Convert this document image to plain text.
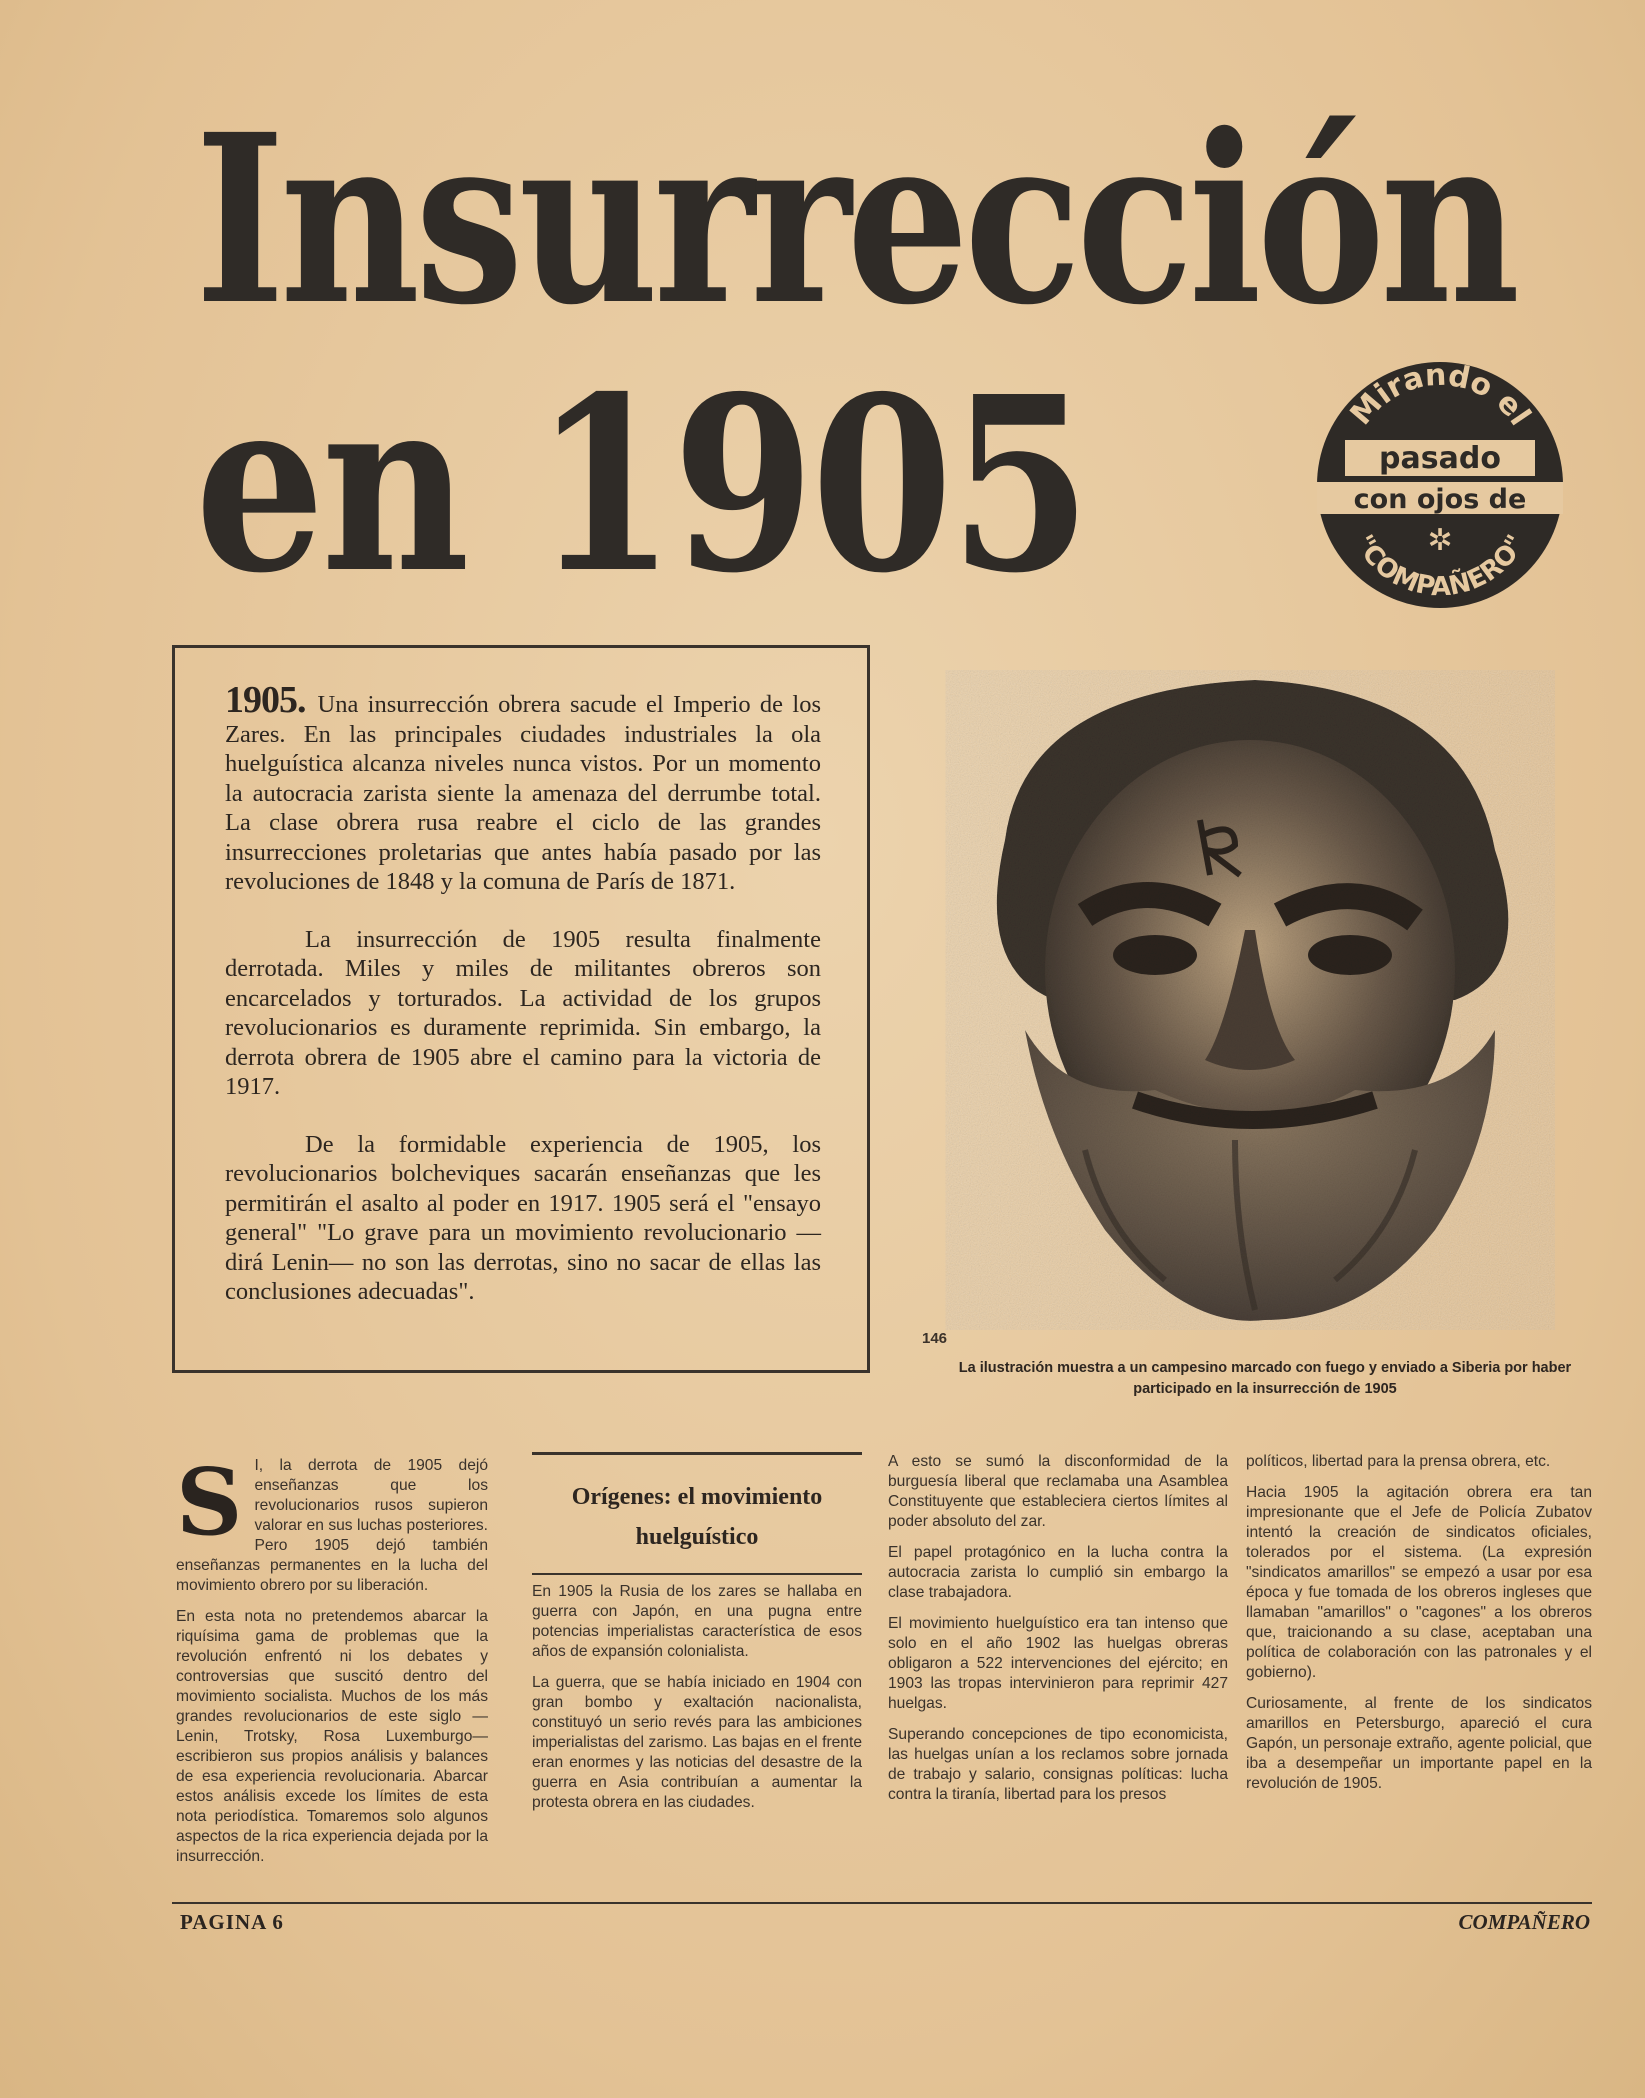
Insurrección
en 1905	Mirando el
pasado
con ojos de
✲
"COMPAÑERO"

1905. Una insurrección obrera sacude el Imperio de los Zares. En las principales ciudades industriales la ola huelguística alcanza niveles nunca vistos. Por un momento la autocracia zarista siente la amenaza del derrumbe total. La clase obrera rusa reabre el ciclo de las grandes insurrecciones proletarias que antes había pasado por las revoluciones de 1848 y la comuna de París de 1871.

La insurrección de 1905 resulta finalmente derrotada. Miles y miles de militantes obreros son encarcelados y torturados. La actividad de los grupos revolucionarios es duramente reprimida. Sin embargo, la derrota obrera de 1905 abre el camino para la victoria de 1917.

De la formidable experiencia de 1905, los revolucionarios bolcheviques sacarán enseñanzas que les permitirán el asalto al poder en 1917. 1905 será el "ensayo general" "Lo grave para un movimiento revolucionario —dirá Lenin— no son las derrotas, sino no sacar de ellas las conclusiones adecuadas".

146
La ilustración muestra a un campesino marcado con fuego y enviado a Siberia por haber participado en la insurrección de 1905

S I, la derrota de 1905 dejó enseñanzas que los revolucionarios rusos supieron valorar en sus luchas posteriores. Pero 1905 dejó también enseñanzas permanentes en la lucha del movimiento obrero por su liberación.

En esta nota no pretendemos abarcar la riquísima gama de problemas que la revolución enfrentó ni los debates y controversias que suscitó dentro del movimiento socialista. Muchos de los más grandes revolucionarios de este siglo —Lenin, Trotsky, Rosa Luxemburgo— escribieron sus propios análisis y balances de esa experiencia revolucionaria. Abarcar estos análisis excede los límites de esta nota periodística. Tomaremos solo algunos aspectos de la rica experiencia dejada por la insurrección.

Orígenes: el movimiento huelguístico

En 1905 la Rusia de los zares se hallaba en guerra con Japón, en una pugna entre potencias imperialistas característica de esos años de expansión colonialista.

La guerra, que se había iniciado en 1904 con gran bombo y exaltación nacionalista, constituyó un serio revés para las ambiciones imperialistas del zarismo. Las bajas en el frente eran enormes y las noticias del desastre de la guerra en Asia contribuían a aumentar la protesta obrera en las ciudades.

A esto se sumó la disconformidad de la burguesía liberal que reclamaba una Asamblea Constituyente que estableciera ciertos límites al poder absoluto del zar.

El papel protagónico en la lucha contra la autocracia zarista lo cumplió sin embargo la clase trabajadora.

El movimiento huelguístico era tan intenso que solo en el año 1902 las huelgas obreras obligaron a 522 intervenciones del ejército; en 1903 las tropas intervinieron para reprimir 427 huelgas.

Superando concepciones de tipo economicista, las huelgas unían a los reclamos sobre jornada de trabajo y salario, consignas políticas: lucha contra la tiranía, libertad para los presos

políticos, libertad para la prensa obrera, etc.

Hacia 1905 la agitación obrera era tan impresionante que el Jefe de Policía Zubatov intentó la creación de sindicatos oficiales, tolerados por el sistema. (La expresión "sindicatos amarillos" se empezó a usar por esa época y fue tomada de los obreros ingleses que llamaban "amarillos" o "cagones" a los obreros que, traicionando a su clase, aceptaban una política de colaboración con las patronales y el gobierno).

Curiosamente, al frente de los sindicatos amarillos en Petersburgo, apareció el cura Gapón, un personaje extraño, agente policial, que iba a desempeñar un importante papel en la revolución de 1905.

PAGINA 6	COMPAÑERO
